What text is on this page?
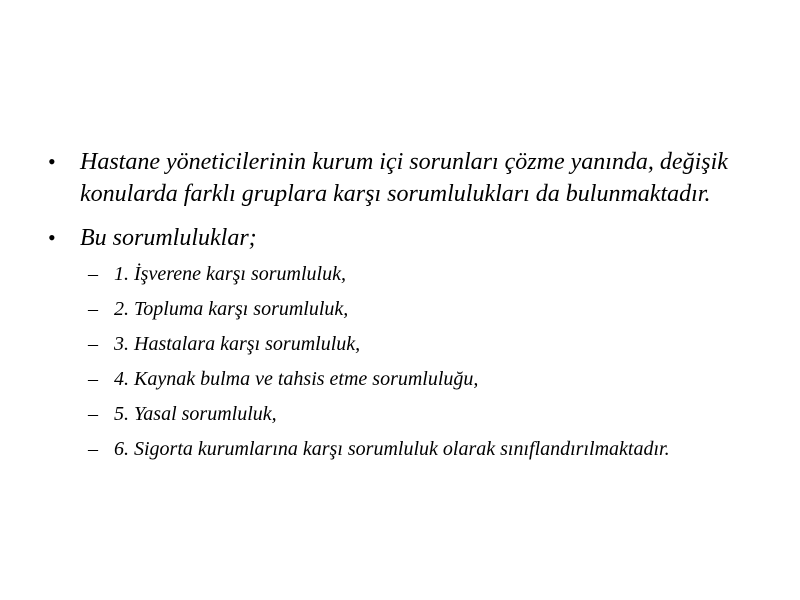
•	Hastane yöneticilerinin kurum içi sorunları çözme yanında, değişik konularda farklı gruplara karşı sorumlulukları da bulunmaktadır.
•	Bu sorumluluklar;
– 1. İşverene karşı sorumluluk,
– 2. Topluma karşı sorumluluk,
– 3. Hastalara karşı sorumluluk,
– 4. Kaynak bulma ve tahsis etme sorumluluğu,
– 5. Yasal sorumluluk,
– 6. Sigorta kurumlarına karşı sorumluluk olarak sınıflandırılmaktadır.
